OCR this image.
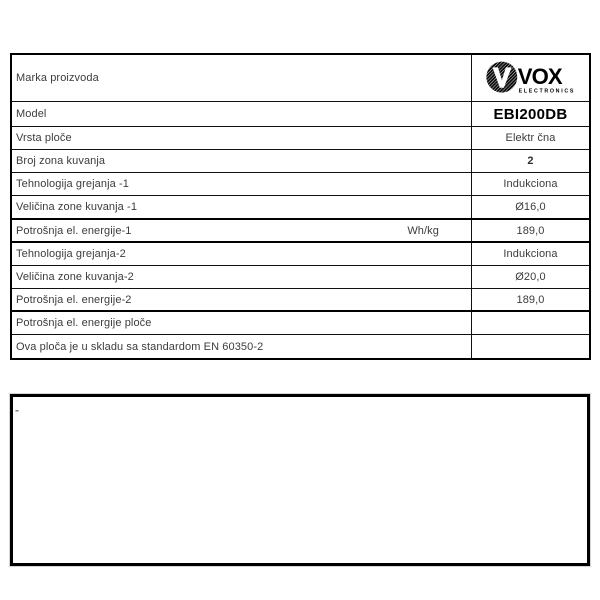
Marka proizvoda	VOX
ELECTRONICS
Model	EBI200DB
Vrsta ploče	Elektr čna
Broj zona kuvanja	2
Tehnologija grejanja -1	Indukciona
Veličina zone kuvanja -1	Ø16,0
Potrošnja el. energije-1	Wh/kg	189,0
Tehnologija grejanja-2	Indukciona
Veličina zone kuvanja-2	Ø20,0
Potrošnja el. energije-2	189,0
Potrošnja el. energije ploče
Ova ploča je u skladu sa standardom EN 60350-2
-
